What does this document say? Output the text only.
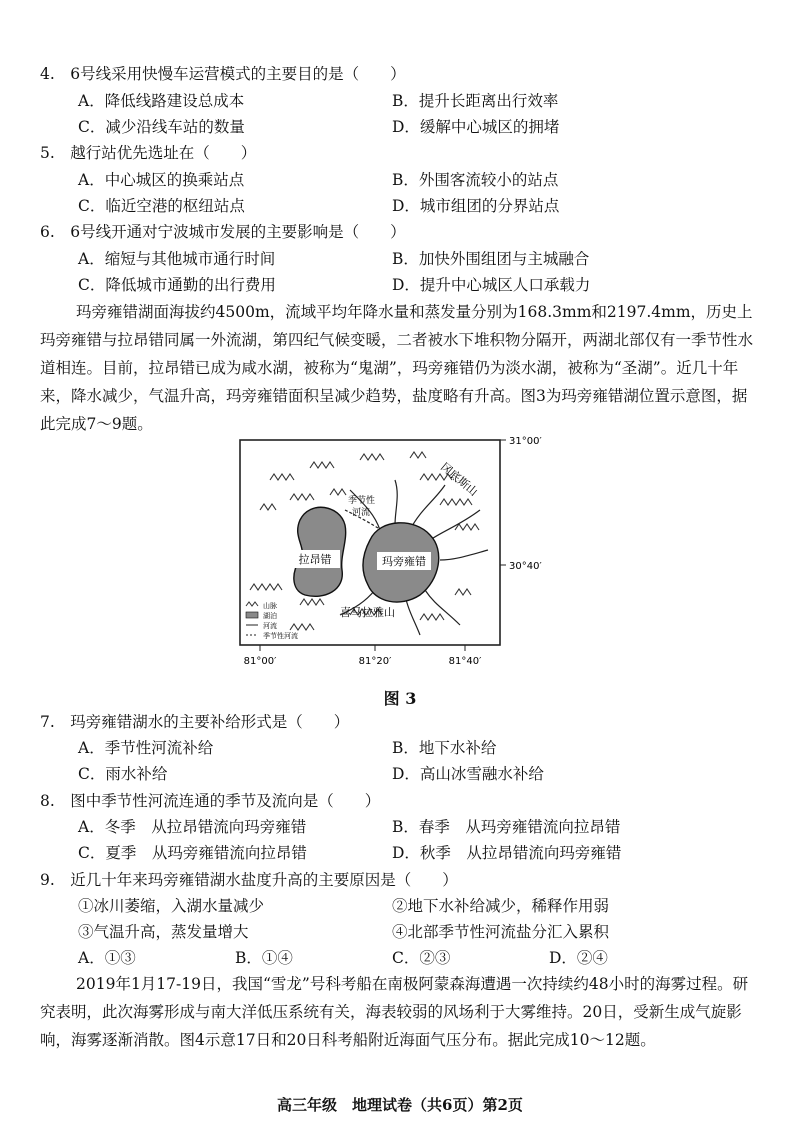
4.　6号线采用快慢车运营模式的主要目的是（　　）
A．降低线路建设总成本	B．提升长距离出行效率
C．减少沿线车站的数量	D．缓解中心城区的拥堵
5.　越行站优先选址在（　　）
A．中心城区的换乘站点	B．外围客流较小的站点
C．临近空港的枢纽站点	D．城市组团的分界站点
6.　6号线开通对宁波城市发展的主要影响是（　　）
A．缩短与其他城市通行时间	B．加快外围组团与主城融合
C．降低城市通勤的出行费用	D．提升中心城区人口承载力
玛旁雍错湖面海拔约4500m，流域平均年降水量和蒸发量分别为168.3mm和2197.4mm，历史上玛旁雍错与拉昂错同属一外流湖，第四纪气候变暖，二者被水下堆积物分隔开，两湖北部仅有一季节性水道相连。目前，拉昂错已成为咸水湖，被称为“鬼湖”，玛旁雍错仍为淡水湖，被称为“圣湖”。近几十年来，降水减少，气温升高，玛旁雍错面积呈减少趋势，盐度略有升高。图3为玛旁雍错湖位置示意图，据此完成7～9题。
拉昂错	玛旁雍错
季节性
河流
冈底斯山
喜马拉雅山
山脉
湖泊
河流
季节性河流
31°00′
30°40′
81°00′	81°20′	81°40′
图 3
7.　玛旁雍错湖水的主要补给形式是（　　）
A．季节性河流补给	B．地下水补给
C．雨水补给	D．高山冰雪融水补给
8.　图中季节性河流连通的季节及流向是（　　）
A．冬季　从拉昂错流向玛旁雍错	B．春季　从玛旁雍错流向拉昂错
C．夏季　从玛旁雍错流向拉昂错	D．秋季　从拉昂错流向玛旁雍错
9.　近几十年来玛旁雍错湖水盐度升高的主要原因是（　　）
①冰川萎缩，入湖水量减少	②地下水补给减少，稀释作用弱
③气温升高，蒸发量增大	④北部季节性河流盐分汇入累积
A．①③	B．①④	C．②③	D．②④
2019年1月17-19日，我国“雪龙”号科考船在南极阿蒙森海遭遇一次持续约48小时的海雾过程。研究表明，此次海雾形成与南大洋低压系统有关，海表较弱的风场利于大雾维持。20日，受新生成气旋影响，海雾逐渐消散。图4示意17日和20日科考船附近海面气压分布。据此完成10～12题。
高三年级　地理试卷（共6页）第2页
